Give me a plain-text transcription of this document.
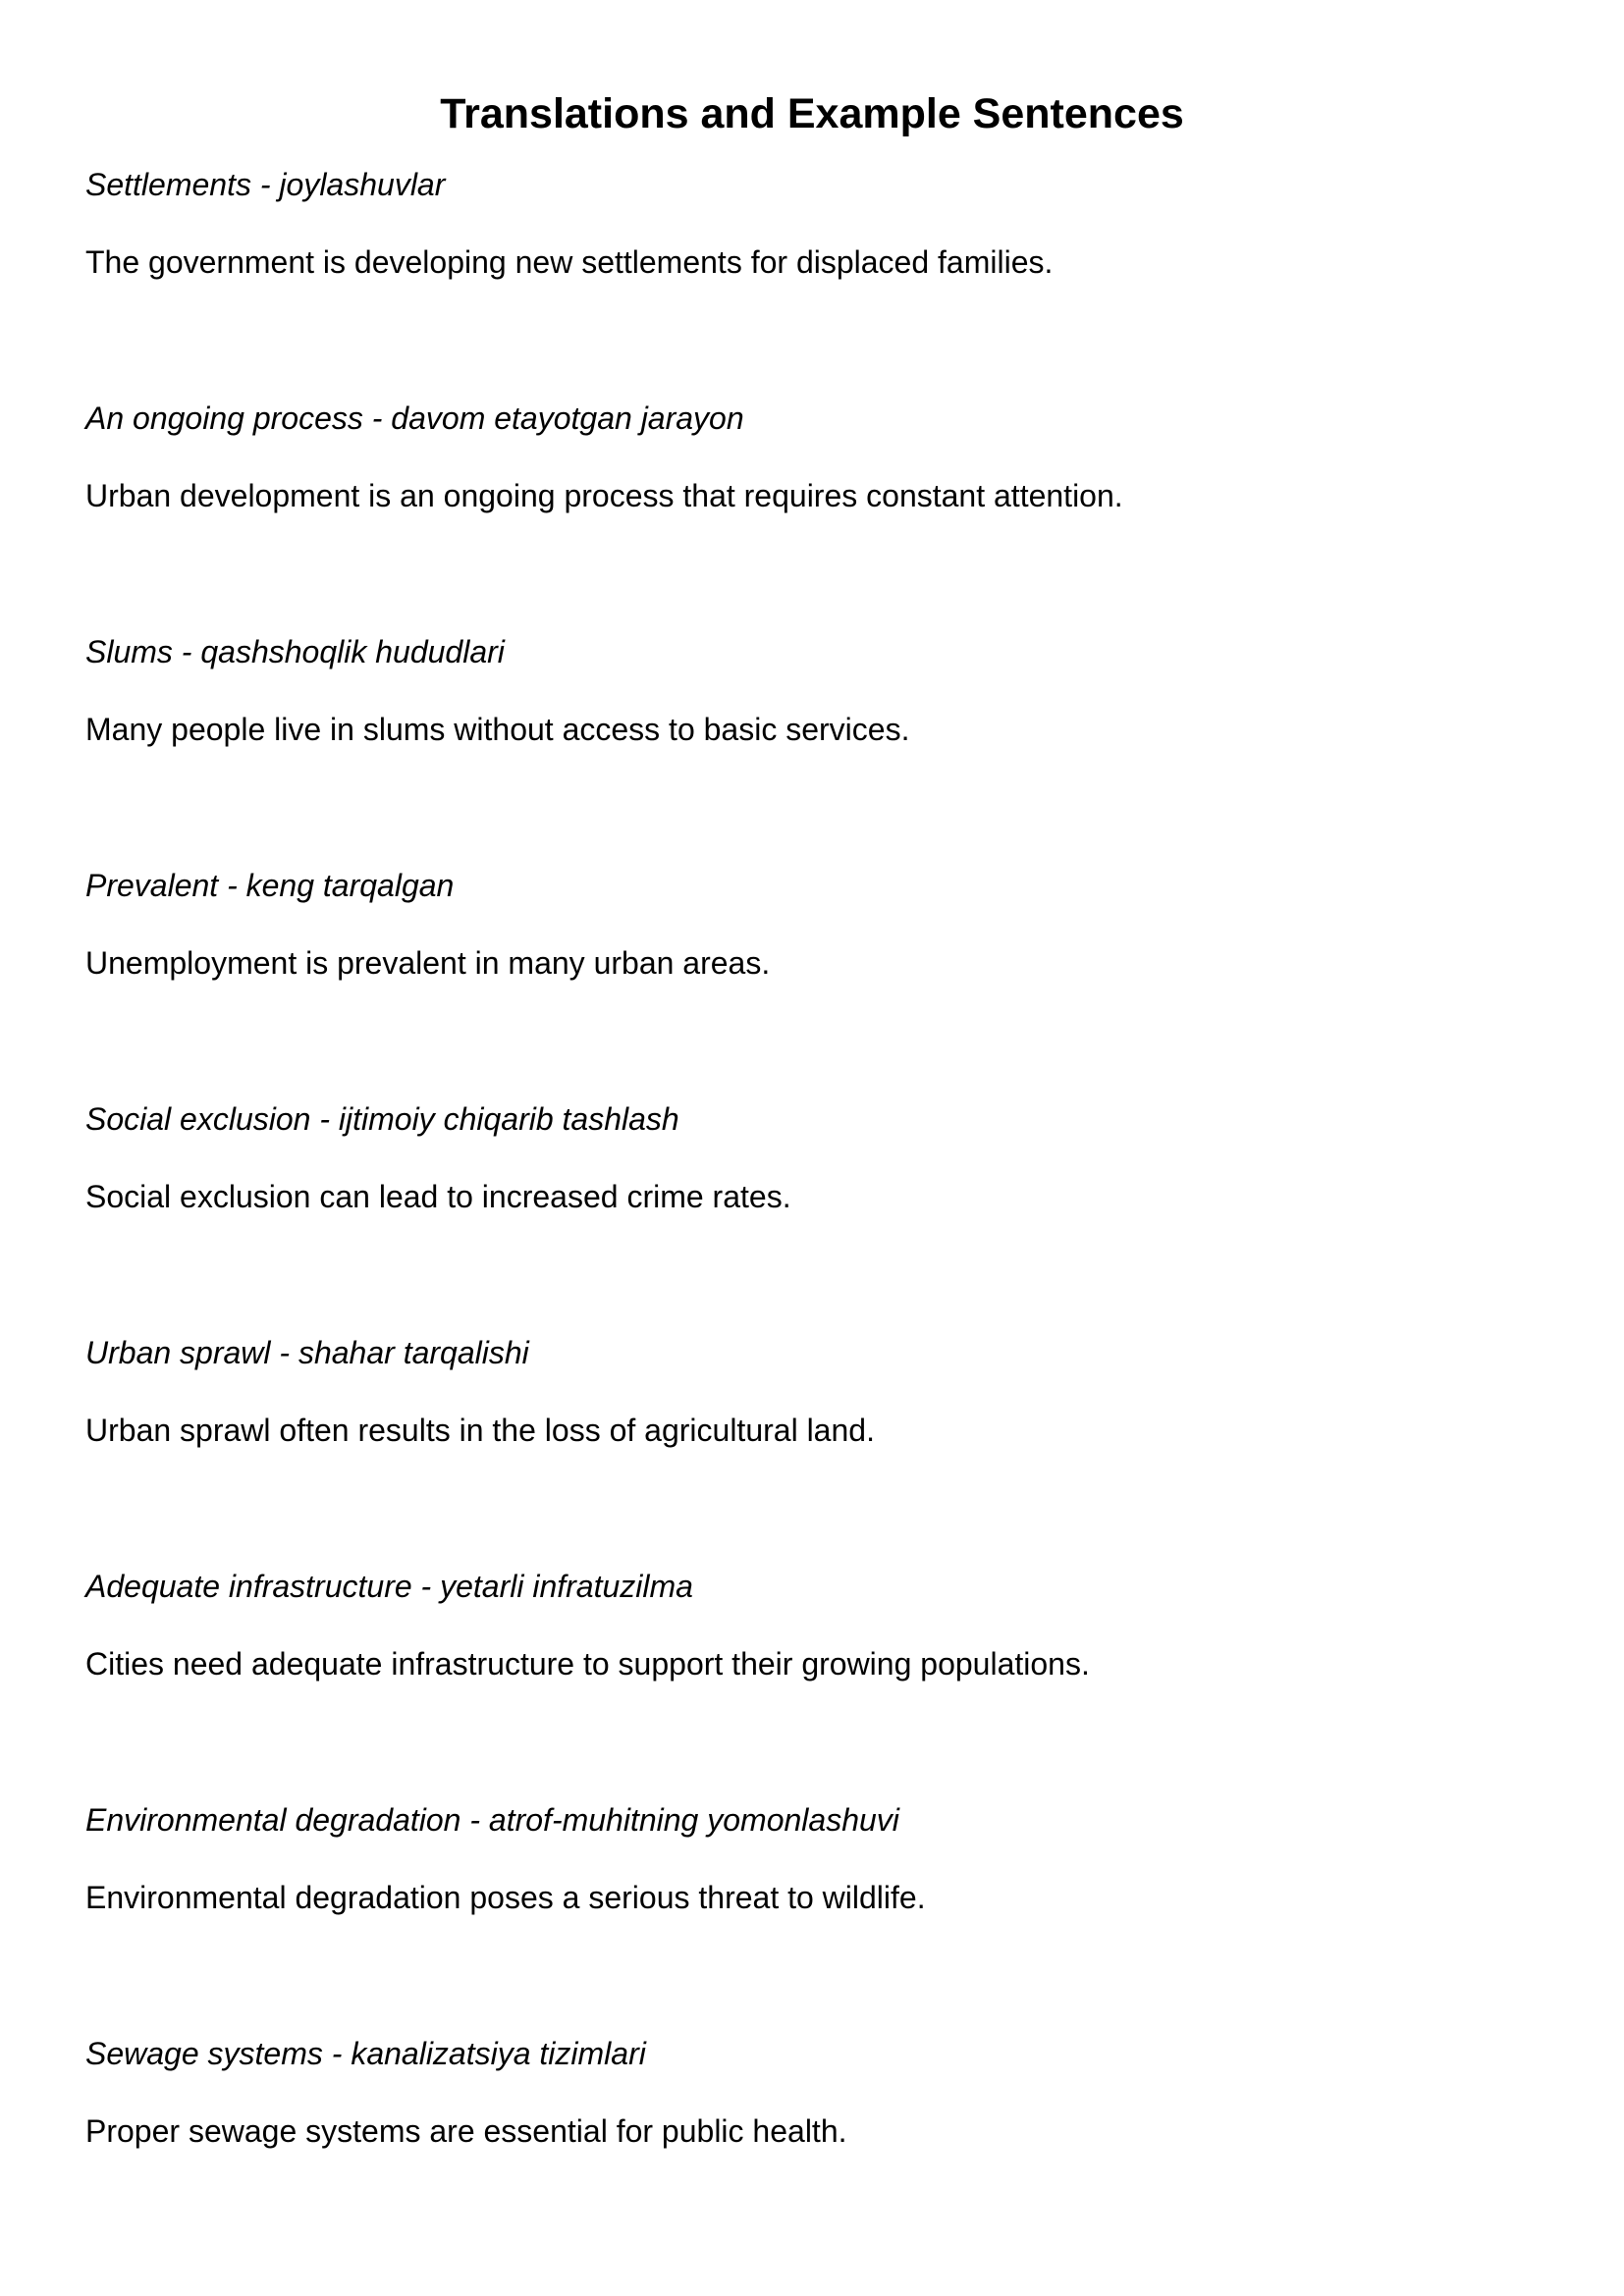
Translations and Example Sentences

Settlements - joylashuvlar

The government is developing new settlements for displaced families.

An ongoing process - davom etayotgan jarayon

Urban development is an ongoing process that requires constant attention.

Slums - qashshoqlik hududlari

Many people live in slums without access to basic services.

Prevalent - keng tarqalgan

Unemployment is prevalent in many urban areas.

Social exclusion - ijtimoiy chiqarib tashlash

Social exclusion can lead to increased crime rates.

Urban sprawl - shahar tarqalishi

Urban sprawl often results in the loss of agricultural land.

Adequate infrastructure - yetarli infratuzilma

Cities need adequate infrastructure to support their growing populations.

Environmental degradation - atrof-muhitning yomonlashuvi

Environmental degradation poses a serious threat to wildlife.

Sewage systems - kanalizatsiya tizimlari

Proper sewage systems are essential for public health.
